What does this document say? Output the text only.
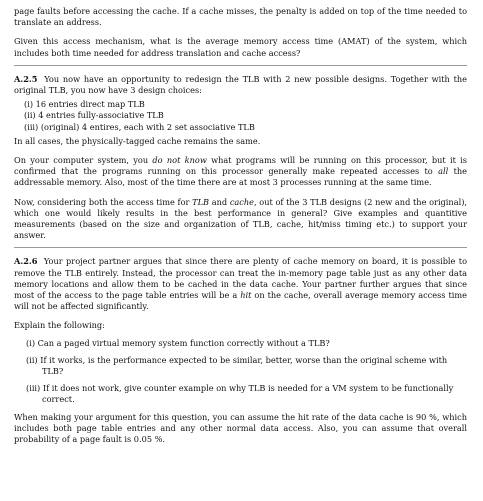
page faults before accessing the cache. If a cache misses, the penalty is added on top of the time needed to translate an address.

Given this access mechanism, what is the average memory access time (AMAT) of the system, which includes both time needed for address translation and cache access?

A.2.5 You now have an opportunity to redesign the TLB with 2 new possible designs. Together with the original TLB, you now have 3 design choices:

(i) 16 entries direct map TLB
(ii) 4 entries fully-associative TLB
(iii) (original) 4 entires, each with 2 set associative TLB

In all cases, the physically-tagged cache remains the same.

On your computer system, you do not know what programs will be running on this processor, but it is confirmed that the programs running on this processor generally make repeated accesses to all the addressable memory. Also, most of the time there are at most 3 processes running at the same time.

Now, considering both the access time for TLB and cache, out of the 3 TLB designs (2 new and the original), which one would likely results in the best performance in general? Give examples and quantitive measurements (based on the size and organization of TLB, cache, hit/miss timing etc.) to support your answer.

A.2.6 Your project partner argues that since there are plenty of cache memory on board, it is possible to remove the TLB entirely. Instead, the processor can treat the in-memory page table just as any other data memory locations and allow them to be cached in the data cache. Your partner further argues that since most of the access to the page table entries will be a hit on the cache, overall average memory access time will not be affected significantly.

Explain the following:

(i) Can a paged virtual memory system function correctly without a TLB?
(ii) If it works, is the performance expected to be similar, better, worse than the original scheme with TLB?
(iii) If it does not work, give counter example on why TLB is needed for a VM system to be functionally correct.

When making your argument for this question, you can assume the hit rate of the data cache is 90 %, which includes both page table entries and any other normal data access. Also, you can assume that overall probability of a page fault is 0.05 %.
